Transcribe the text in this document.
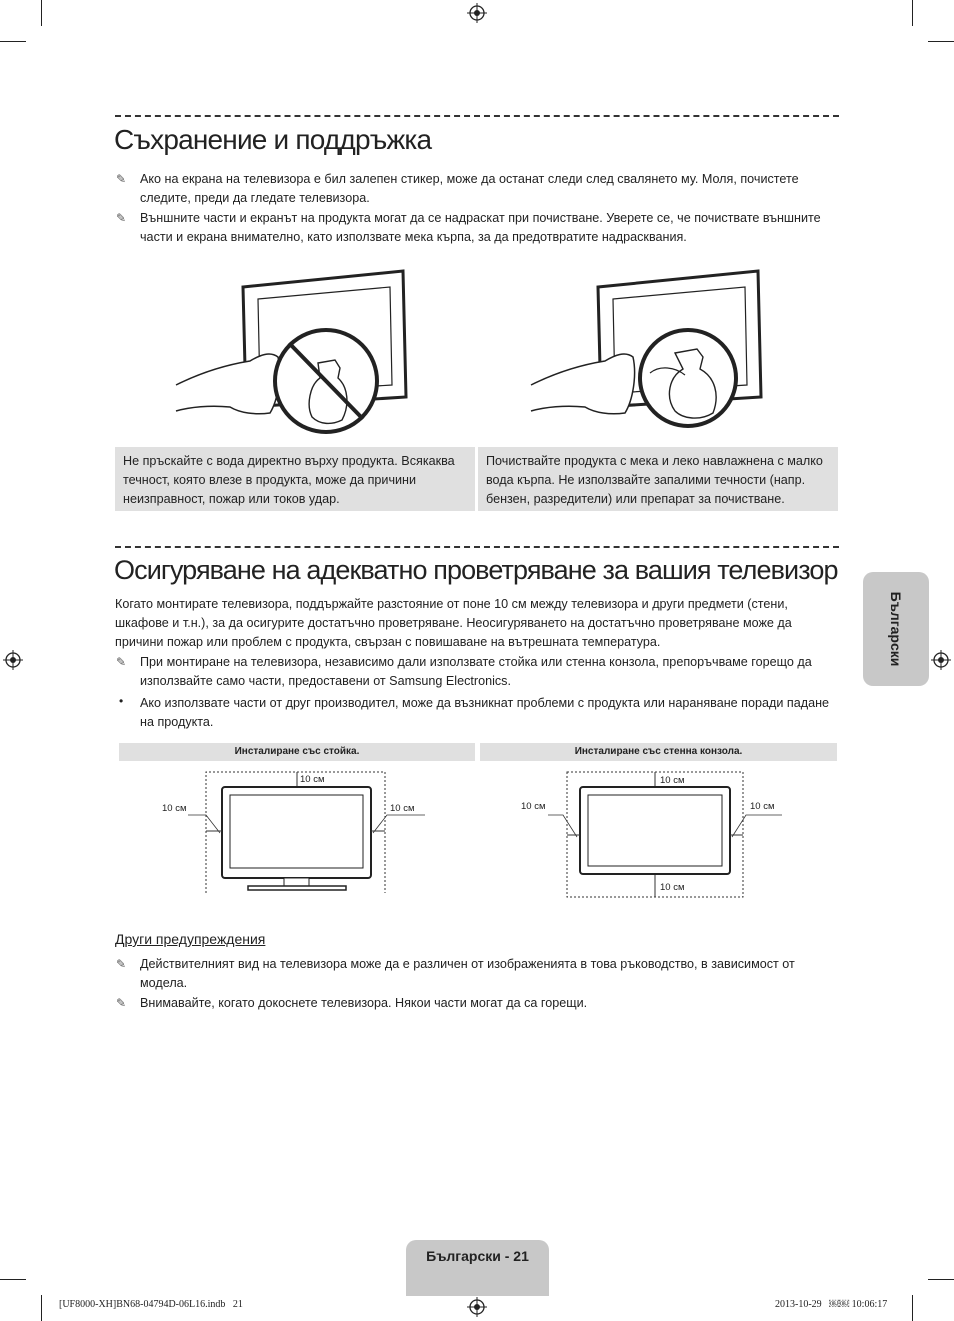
Съхранение и поддръжка
✎ Ако на екрана на телевизора е бил залепен стикер, може да останат следи след свалянето му. Моля, почистете следите, преди да гледате телевизора.
✎ Външните части и екранът на продукта могат да се надраскат при почистване. Уверете се, че почиствате външните части и екрана внимателно, като използвате мека кърпа, за да предотвратите надрасквания.
Не пръскайте с вода директно върху продукта. Всякаква течност, която влезе в продукта, може да причини неизправност, пожар или токов удар.
Почиствайте продукта с мека и леко навлажнена с малко вода кърпа. Не използвайте запалими течности (напр. бензен, разредители) или препарат за почистване.
Осигуряване на адекватно проветряване за вашия телевизор
Когато монтирате телевизора, поддържайте разстояние от поне 10 см между телевизора и други предмети (стени, шкафове и т.н.), за да осигурите достатъчно проветряване. Неосигуряването на достатъчно проветряване може да причини пожар или проблем с продукта, свързан с повишаване на вътрешната температура.
✎ При монтиране на телевизора, независимо дали използвате стойка или стенна конзола, препоръчваме горещо да използвайте само части, предоставени от Samsung Electronics.
• Ако използвате части от друг производител, може да възникнат проблеми с продукта или нараняване поради падане на продукта.
Инсталиране със стойка.	Инсталиране със стенна конзола.
10 см
10 см	10 см
10 см
10 см	10 см
10 см
Други предупреждения
✎ Действителният вид на телевизора може да е различен от изображенията в това ръководство, в зависимост от модела.
✎ Внимавайте, когато докоснете телевизора. Някои части могат да са горещи.
Български
Български - 21
[UF8000-XH]BN68-04794D-06L16.indb   21	2013-10-29   ￼￼ 10:06:17
